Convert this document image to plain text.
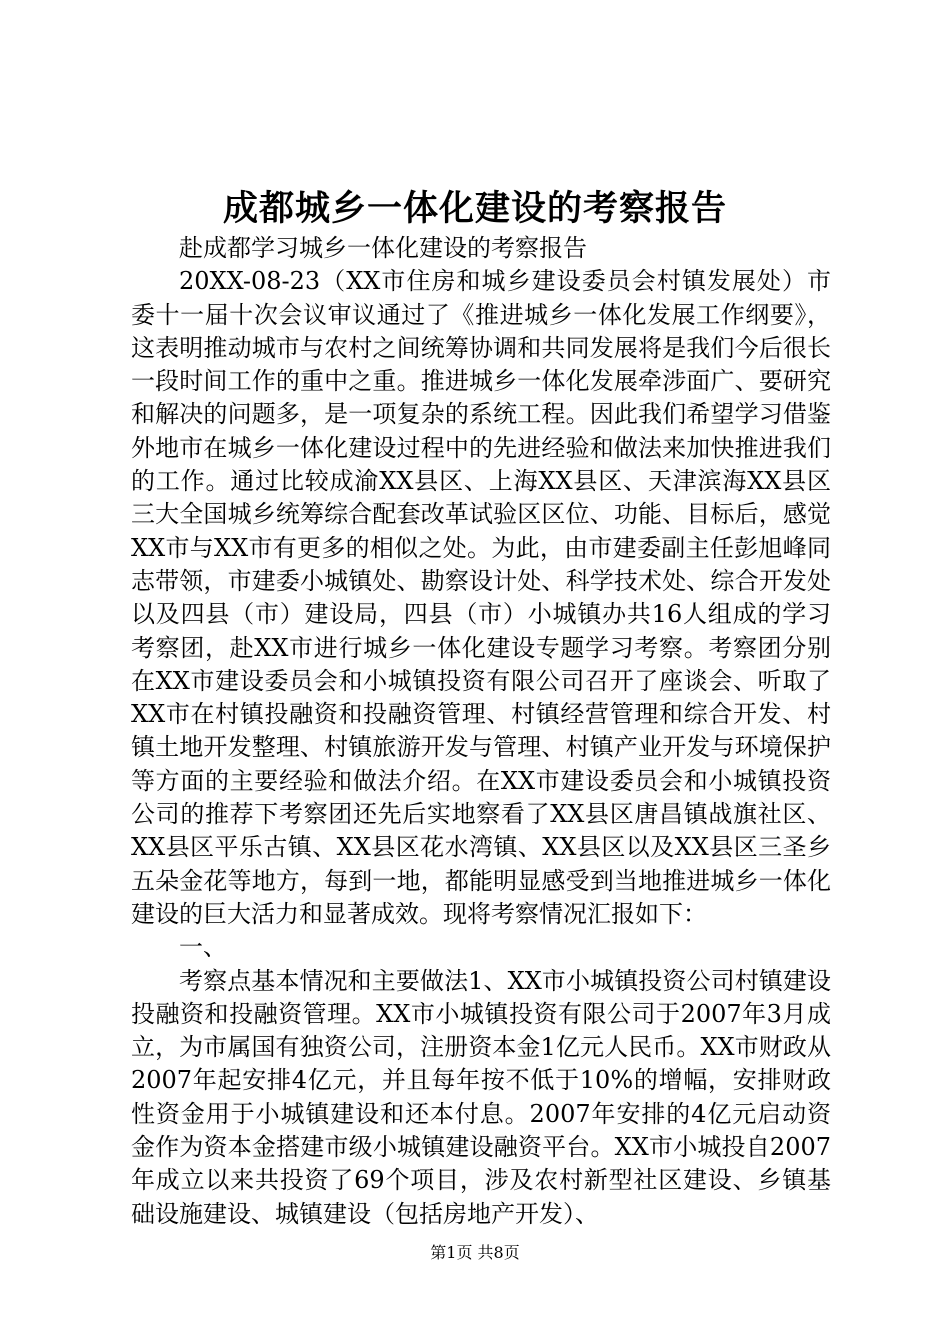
成都城乡一体化建设的考察报告

赴成都学习城乡一体化建设的考察报告

20XX-08-23（XX市住房和城乡建设委员会村镇发展处）市委十一届十次会议审议通过了《推进城乡一体化发展工作纲要》，这表明推动城市与农村之间统筹协调和共同发展将是我们今后很长一段时间工作的重中之重。推进城乡一体化发展牵涉面广、要研究和解决的问题多，是一项复杂的系统工程。因此我们希望学习借鉴外地市在城乡一体化建设过程中的先进经验和做法来加快推进我们的工作。通过比较成渝XX县区、上海XX县区、天津滨海XX县区三大全国城乡统筹综合配套改革试验区区位、功能、目标后，感觉XX市与XX市有更多的相似之处。为此，由市建委副主任彭旭峰同志带领，市建委小城镇处、勘察设计处、科学技术处、综合开发处以及四县（市）建设局，四县（市）小城镇办共16人组成的学习考察团，赴XX市进行城乡一体化建设专题学习考察。考察团分别在XX市建设委员会和小城镇投资有限公司召开了座谈会、听取了XX市在村镇投融资和投融资管理、村镇经营管理和综合开发、村镇土地开发整理、村镇旅游开发与管理、村镇产业开发与环境保护等方面的主要经验和做法介绍。在XX市建设委员会和小城镇投资公司的推荐下考察团还先后实地察看了XX县区唐昌镇战旗社区、XX县区平乐古镇、XX县区花水湾镇、XX县区以及XX县区三圣乡五朵金花等地方，每到一地，都能明显感受到当地推进城乡一体化建设的巨大活力和显著成效。现将考察情况汇报如下：

一、

考察点基本情况和主要做法1、XX市小城镇投资公司村镇建设投融资和投融资管理。XX市小城镇投资有限公司于2007年3月成立，为市属国有独资公司，注册资本金1亿元人民币。XX市财政从2007年起安排4亿元，并且每年按不低于10%的增幅，安排财政性资金用于小城镇建设和还本付息。2007年安排的4亿元启动资金作为资本金搭建市级小城镇建设融资平台。XX市小城投自2007年成立以来共投资了69个项目，涉及农村新型社区建设、乡镇基础设施建设、城镇建设（包括房地产开发）、

第1页 共8页
